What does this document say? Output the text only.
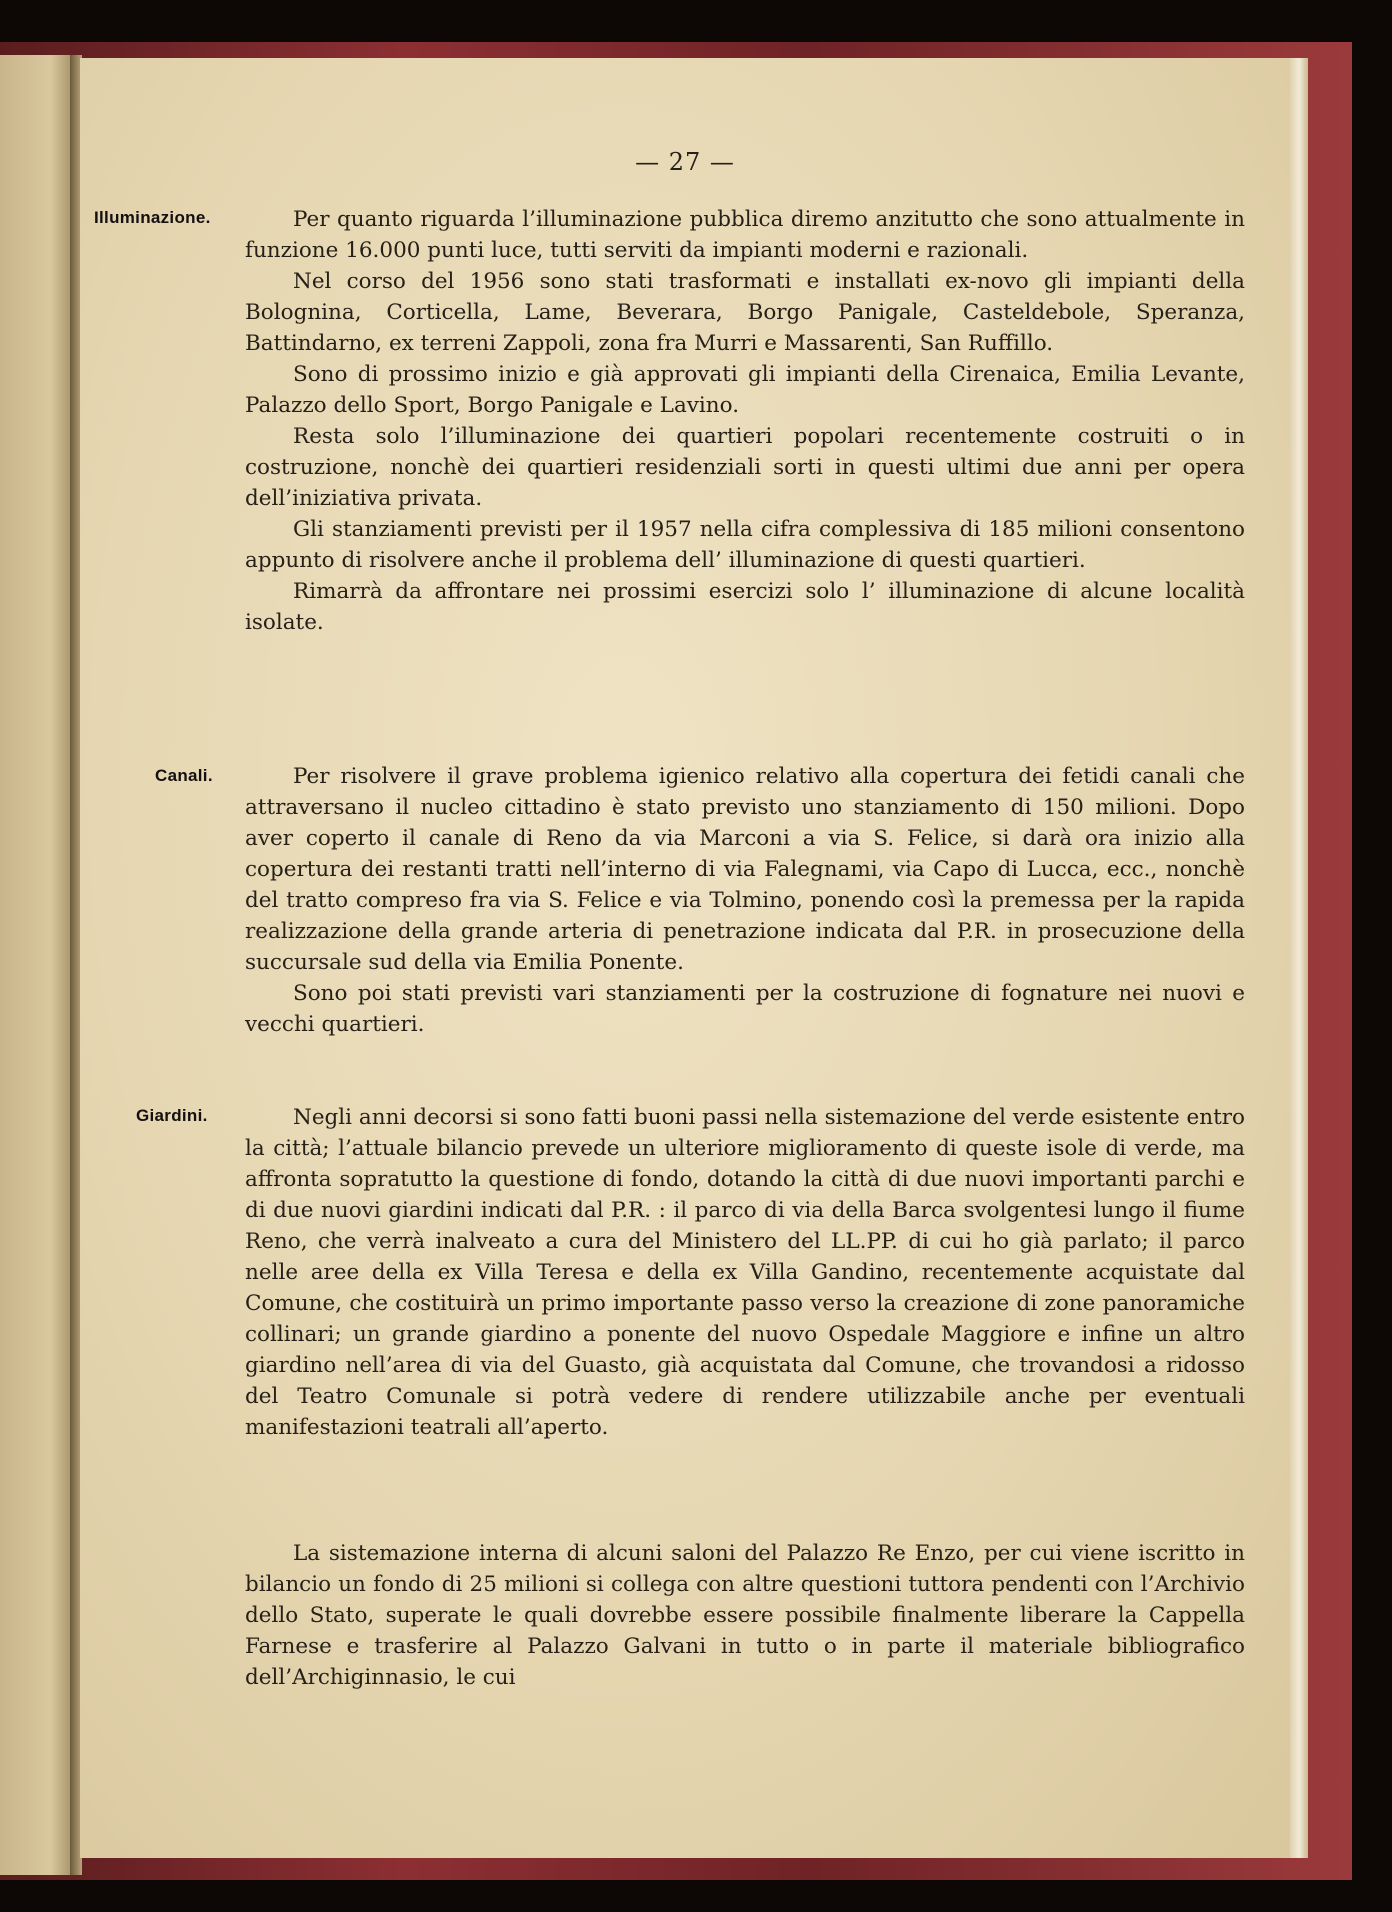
— 27 —
Illuminazione.	Per quanto riguarda l’illuminazione pubblica diremo anzitutto che sono attualmente in funzione 16.000 punti luce, tutti serviti da impianti moderni e razionali.

Nel corso del 1956 sono stati trasformati e installati ex-novo gli impianti della Bolognina, Corticella, Lame, Beverara, Borgo Panigale, Casteldebole, Speranza, Battindarno, ex terreni Zappoli, zona fra Murri e Massarenti, San Ruffillo.

Sono di prossimo inizio e già approvati gli impianti della Cirenaica, Emilia Levante, Palazzo dello Sport, Borgo Panigale e Lavino.

Resta solo l’illuminazione dei quartieri popolari recentemente costruiti o in costruzione, nonchè dei quartieri residenziali sorti in questi ultimi due anni per opera dell’iniziativa privata.

Gli stanziamenti previsti per il 1957 nella cifra complessiva di 185 milioni consentono appunto di risolvere anche il problema dell’ illuminazione di questi quartieri.

Rimarrà da affrontare nei prossimi esercizi solo l’ illuminazione di alcune località isolate.

Canali.	Per risolvere il grave problema igienico relativo alla copertura dei fetidi canali che attraversano il nucleo cittadino è stato previsto uno stanziamento di 150 milioni. Dopo aver coperto il canale di Reno da via Marconi a via S. Felice, si darà ora inizio alla copertura dei restanti tratti nell’interno di via Falegnami, via Capo di Lucca, ecc., nonchè del tratto compreso fra via S. Felice e via Tolmino, ponendo così la premessa per la rapida realizzazione della grande arteria di penetrazione indicata dal P.R. in prosecuzione della succursale sud della via Emilia Ponente.

Sono poi stati previsti vari stanziamenti per la costruzione di fognature nei nuovi e vecchi quartieri.

Giardini.	Negli anni decorsi si sono fatti buoni passi nella sistemazione del verde esistente entro la città; l’attuale bilancio prevede un ulteriore miglioramento di queste isole di verde, ma affronta sopratutto la questione di fondo, dotando la città di due nuovi importanti parchi e di due nuovi giardini indicati dal P.R. : il parco di via della Barca svolgentesi lungo il fiume Reno, che verrà inalveato a cura del Ministero del LL.PP. di cui ho già parlato; il parco nelle aree della ex Villa Teresa e della ex Villa Gandino, recentemente acquistate dal Comune, che costituirà un primo importante passo verso la creazione di zone panoramiche collinari; un grande giardino a ponente del nuovo Ospedale Maggiore e infine un altro giardino nell’area di via del Guasto, già acquistata dal Comune, che trovandosi a ridosso del Teatro Comunale si potrà vedere di rendere utilizzabile anche per eventuali manifestazioni teatrali all’aperto.

La sistemazione interna di alcuni saloni del Palazzo Re Enzo, per cui viene iscritto in bilancio un fondo di 25 milioni si collega con altre questioni tuttora pendenti con l’Archivio dello Stato, superate le quali dovrebbe essere possibile finalmente liberare la Cappella Farnese e trasferire al Palazzo Galvani in tutto o in parte il materiale bibliografico dell’Archiginnasio, le cui
